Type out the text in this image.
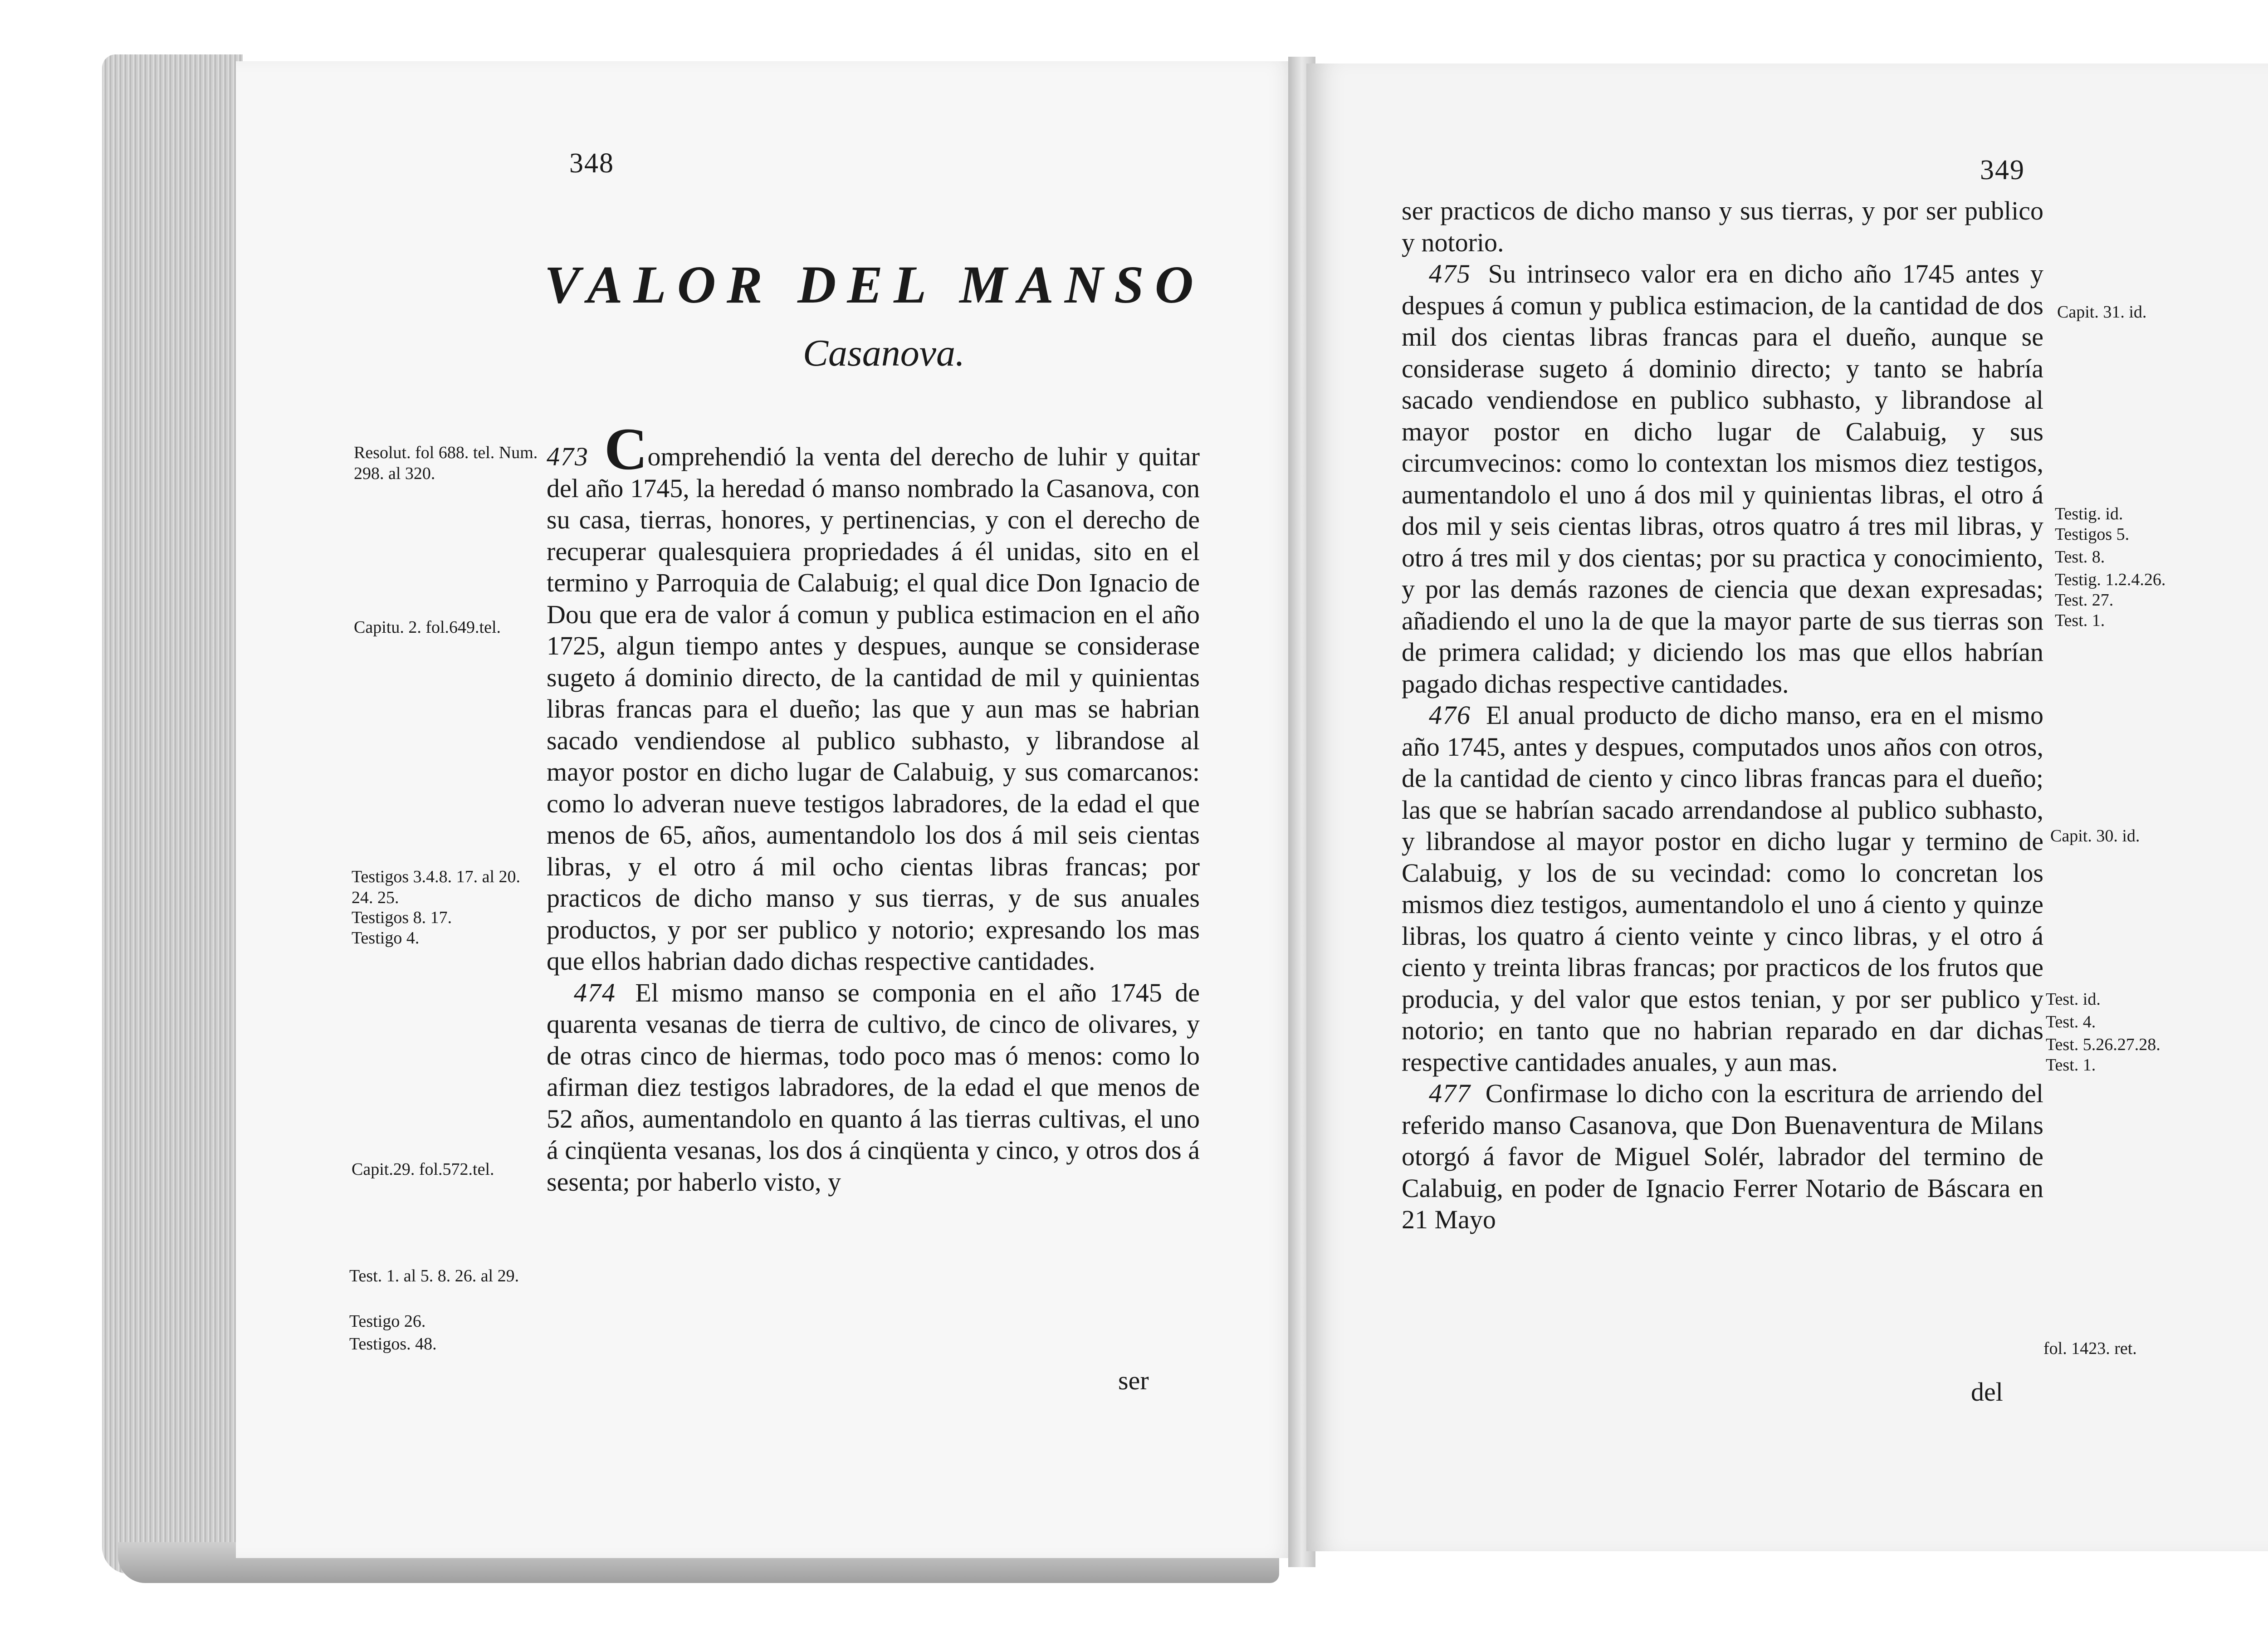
348
VALOR DEL MANSO
Casanova.

473 Comprehendió la venta del derecho de luhir y quitar del año 1745, la heredad ó manso nombrado la Casanova, con su casa, tierras, honores, y pertinencias, y con el derecho de recuperar qualesquiera propriedades á él unidas, sito en el termino y Parroquia de Calabuig; el qual dice Don Ignacio de Dou que era de valor á comun y publica estimacion en el año 1725, algun tiempo antes y despues, aunque se considerase sugeto á dominio directo, de la cantidad de mil y quinientas libras francas para el dueño; las que y aun mas se habrian sacado vendiendose al publico subhasto, y librandose al mayor postor en dicho lugar de Calabuig, y sus comarcanos: como lo adveran nueve testigos labradores, de la edad el que menos de 65, años, aumentandolo los dos á mil seis cientas libras, y el otro á mil ocho cientas libras francas; por practicos de dicho manso y sus tierras, y de sus anuales productos, y por ser publico y notorio; expresando los mas que ellos habrian dado dichas respective cantidades.

474 El mismo manso se componia en el año 1745 de quarenta vesanas de tierra de cultivo, de cinco de olivares, y de otras cinco de hiermas, todo poco mas ó menos: como lo afirman diez testigos labradores, de la edad el que menos de 52 años, aumentandolo en quanto á las tierras cultivas, el uno á cinqüenta vesanas, los dos á cinqüenta y cinco, y otros dos á sesenta; por haberlo visto, y

ser
Resolut. fol 688. tel. Num. 298. al 320.
Capitu. 2. fol.649.tel.
Testigos 3.4.8. 17. al 20. 24. 25.
Testigos 8. 17.
Testigo 4.
Capit.29. fol.572.tel.
Test. 1. al 5. 8. 26. al 29.
Testigo 26.
Testigos. 48.
349

ser practicos de dicho manso y sus tierras, y por ser publico y notorio.

475 Su intrinseco valor era en dicho año 1745 antes y despues á comun y publica estimacion, de la cantidad de dos mil dos cientas libras francas para el dueño, aunque se considerase sugeto á dominio directo; y tanto se habría sacado vendiendose en publico subhasto, y librandose al mayor postor en dicho lugar de Calabuig, y sus circumvecinos: como lo contextan los mismos diez testigos, aumentandolo el uno á dos mil y quinientas libras, el otro á dos mil y seis cientas libras, otros quatro á tres mil libras, y otro á tres mil y dos cientas; por su practica y conocimiento, y por las demás razones de ciencia que dexan expresadas; añadiendo el uno la de que la mayor parte de sus tierras son de primera calidad; y diciendo los mas que ellos habrían pagado dichas respective cantidades.

476 El anual producto de dicho manso, era en el mismo año 1745, antes y despues, computados unos años con otros, de la cantidad de ciento y cinco libras francas para el dueño; las que se habrían sacado arrendandose al publico subhasto, y librandose al mayor postor en dicho lugar y termino de Calabuig, y los de su vecindad: como lo concretan los mismos diez testigos, aumentandolo el uno á ciento y quinze libras, los quatro á ciento veinte y cinco libras, y el otro á ciento y treinta libras francas; por practicos de los frutos que producia, y del valor que estos tenian, y por ser publico y notorio; en tanto que no habrian reparado en dar dichas respective cantidades anuales, y aun mas.

477 Confirmase lo dicho con la escritura de arriendo del referido manso Casanova, que Don Buenaventura de Milans otorgó á favor de Miguel Solér, labrador del termino de Calabuig, en poder de Ignacio Ferrer Notario de Báscara en 21 Mayo

del
Capit. 31. id.
Testig. id.
Testigos 5.
Test. 8.
Testig. 1.2.4.26.
Test. 27.
Test. 1.
Capit. 30. id.
Test. id.
Test. 4.
Test. 5.26.27.28.
Test. 1.
fol. 1423. ret.
